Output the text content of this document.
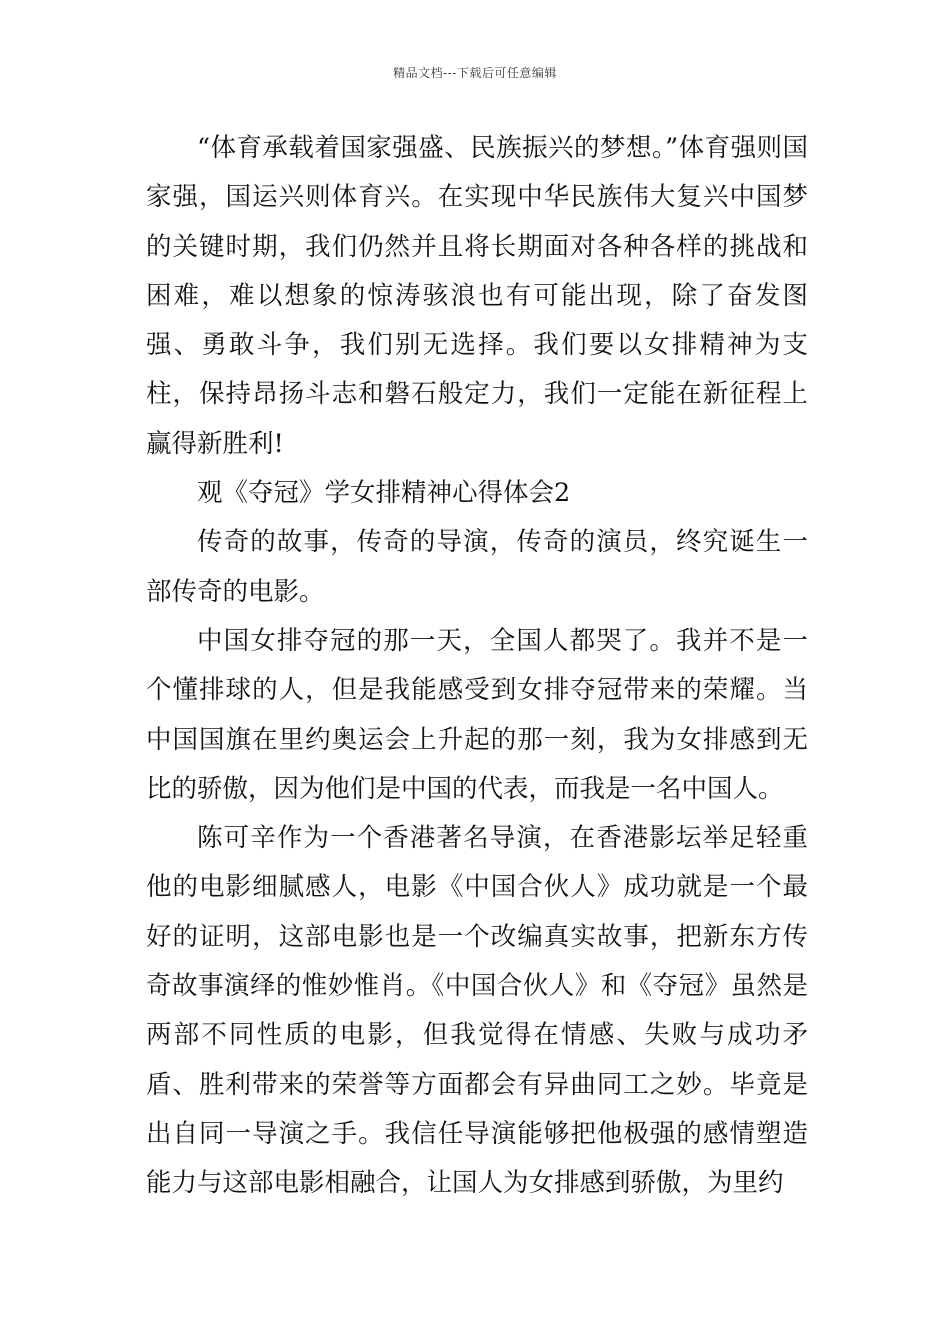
精品文档---下载后可任意编辑

“体育承载着国家强盛、民族振兴的梦想。”体育强则国家强，国运兴则体育兴。在实现中华民族伟大复兴中国梦的关键时期，我们仍然并且将长期面对各种各样的挑战和困难，难以想象的惊涛骇浪也有可能出现，除了奋发图强、勇敢斗争，我们别无选择。我们要以女排精神为支柱，保持昂扬斗志和磐石般定力，我们一定能在新征程上赢得新胜利!

观《夺冠》学女排精神心得体会2

传奇的故事，传奇的导演，传奇的演员，终究诞生一部传奇的电影。

中国女排夺冠的那一天，全国人都哭了。我并不是一个懂排球的人，但是我能感受到女排夺冠带来的荣耀。当中国国旗在里约奥运会上升起的那一刻，我为女排感到无比的骄傲，因为他们是中国的代表，而我是一名中国人。

陈可辛作为一个香港著名导演，在香港影坛举足轻重他的电影细腻感人，电影《中国合伙人》成功就是一个最好的证明，这部电影也是一个改编真实故事，把新东方传奇故事演绎的惟妙惟肖。《中国合伙人》和《夺冠》虽然是两部不同性质的电影，但我觉得在情感、失败与成功矛盾、胜利带来的荣誉等方面都会有异曲同工之妙。毕竟是出自同一导演之手。我信任导演能够把他极强的感情塑造能力与这部电影相融合，让国人为女排感到骄傲，为里约
